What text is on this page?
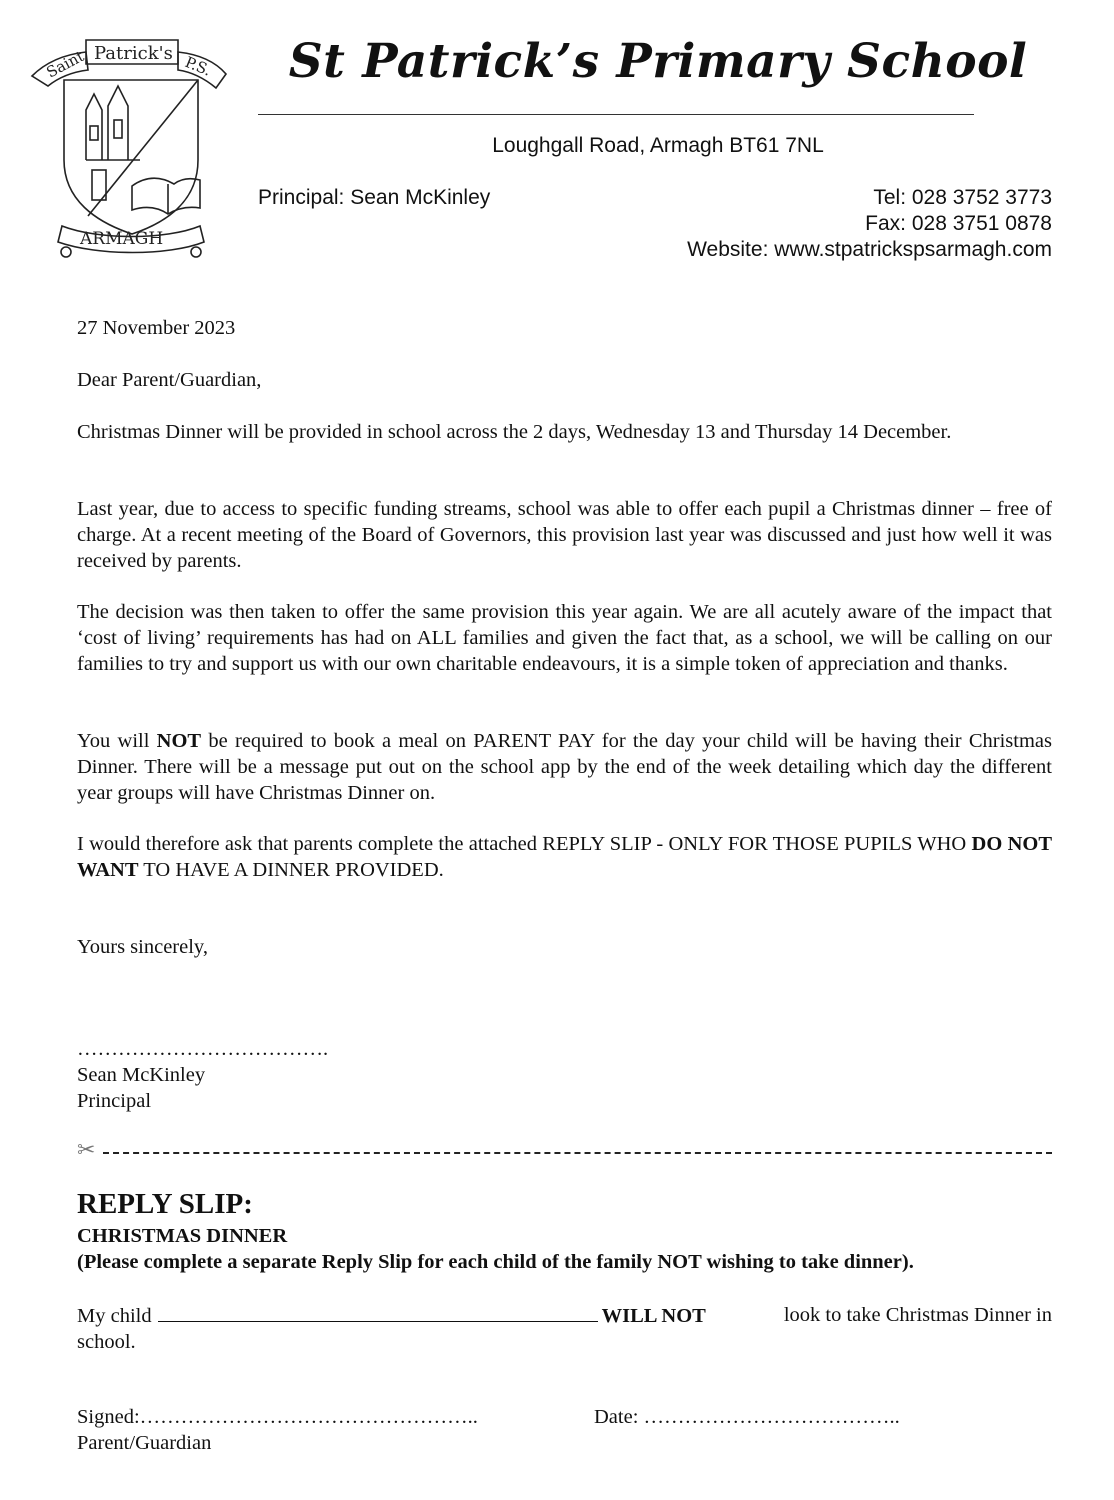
Saint Patrick's P.S.
ARMAGH
St Patrick’s Primary School
Loughgall Road, Armagh BT61 7NL
Principal: Sean McKinley	Tel: 028 3752 3773
Fax: 028 3751 0878
Website: www.stpatrickspsarmagh.com
27 November 2023
Dear Parent/Guardian,
Christmas Dinner will be provided in school across the 2 days, Wednesday 13 and Thursday 14 December.
Last year, due to access to specific funding streams, school was able to offer each pupil a Christmas dinner – free of charge. At a recent meeting of the Board of Governors, this provision last year was discussed and just how well it was received by parents.
The decision was then taken to offer the same provision this year again. We are all acutely aware of the impact that ‘cost of living’ requirements has had on ALL families and given the fact that, as a school, we will be calling on our families to try and support us with our own charitable endeavours, it is a simple token of appreciation and thanks.
You will NOT be required to book a meal on PARENT PAY for the day your child will be having their Christmas Dinner. There will be a message put out on the school app by the end of the week detailing which day the different year groups will have Christmas Dinner on.
I would therefore ask that parents complete the attached REPLY SLIP - ONLY FOR THOSE PUPILS WHO DO NOT WANT TO HAVE A DINNER PROVIDED.
Yours sincerely,
……………………………….
Sean McKinley
Principal
✂
REPLY SLIP:
CHRISTMAS DINNER
(Please complete a separate Reply Slip for each child of the family NOT wishing to take dinner).
My child	WILL NOT	look to take Christmas Dinner in

school.
Signed:…………………………………………..	Date: ………………………………..
Parent/Guardian
